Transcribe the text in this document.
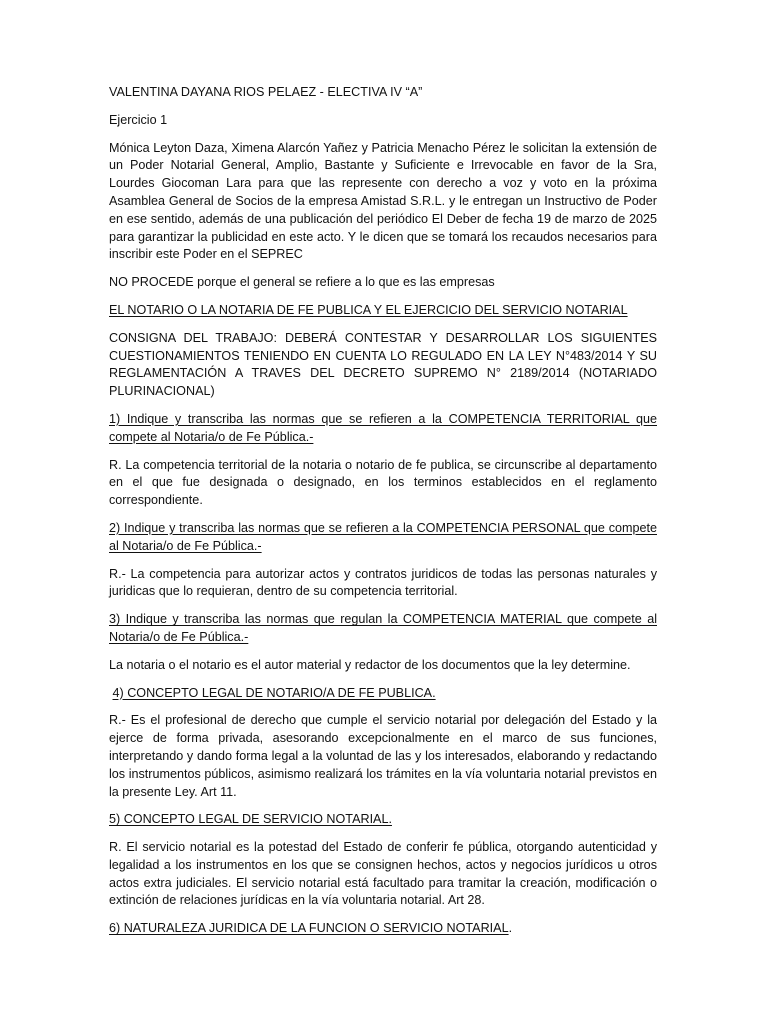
VALENTINA DAYANA RIOS PELAEZ - ELECTIVA IV “A”

Ejercicio 1

Mónica Leyton Daza, Ximena Alarcón Yañez y Patricia Menacho Pérez le solicitan la extensión de un Poder Notarial General, Amplio, Bastante y Suficiente e Irrevocable en favor de la Sra, Lourdes Giocoman Lara para que las represente con derecho a voz y voto en la próxima Asamblea General de Socios de la empresa Amistad S.R.L. y le entregan un Instructivo de Poder en ese sentido, además de una publicación del periódico El Deber de fecha 19 de marzo de 2025 para garantizar la publicidad en este acto. Y le dicen que se tomará los recaudos necesarios para inscribir este Poder en el SEPREC

NO PROCEDE porque el general se refiere a lo que es las empresas

EL NOTARIO O LA NOTARIA DE FE PUBLICA Y EL EJERCICIO DEL SERVICIO NOTARIAL

CONSIGNA DEL TRABAJO: DEBERÁ CONTESTAR Y DESARROLLAR LOS SIGUIENTES CUESTIONAMIENTOS TENIENDO EN CUENTA LO REGULADO EN LA LEY N°483/2014 Y SU REGLAMENTACIÓN A TRAVES DEL DECRETO SUPREMO N° 2189/2014 (NOTARIADO PLURINACIONAL)

1) Indique y transcriba las normas que se refieren a la COMPETENCIA TERRITORIAL que compete al Notaria/o de Fe Pública.-

R. La competencia territorial de la notaria o notario de fe publica, se circunscribe al departamento en el que fue designada o designado, en los terminos establecidos en el reglamento correspondiente.

2) Indique y transcriba las normas que se refieren a la COMPETENCIA PERSONAL que compete al Notaria/o de Fe Pública.-

R.- La competencia para autorizar actos y contratos juridicos de todas las personas naturales y juridicas que lo requieran, dentro de su competencia territorial.

3) Indique y transcriba las normas que regulan la COMPETENCIA MATERIAL que compete al Notaria/o de Fe Pública.-

La notaria o el notario es el autor material y redactor de los documentos que la ley determine.

4) CONCEPTO LEGAL DE NOTARIO/A DE FE PUBLICA.

R.- Es el profesional de derecho que cumple el servicio notarial por delegación del Estado y la ejerce de forma privada, asesorando excepcionalmente en el marco de sus funciones, interpretando y dando forma legal a la voluntad de las y los interesados, elaborando y redactando los instrumentos públicos, asimismo realizará los trámites en la vía voluntaria notarial previstos en la presente Ley. Art 11.

5) CONCEPTO LEGAL DE SERVICIO NOTARIAL.

R. El servicio notarial es la potestad del Estado de conferir fe pública, otorgando autenticidad y legalidad a los instrumentos en los que se consignen hechos, actos y negocios jurídicos u otros actos extra judiciales. El servicio notarial está facultado para tramitar la creación, modificación o extinción de relaciones jurídicas en la vía voluntaria notarial. Art 28.

6) NATURALEZA JURIDICA DE LA FUNCION O SERVICIO NOTARIAL.
